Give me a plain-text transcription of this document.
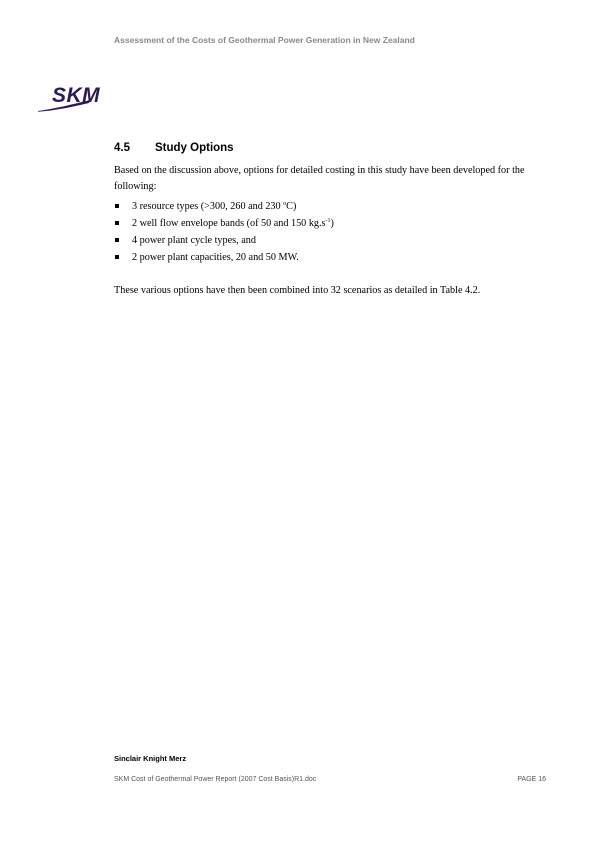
Assessment of the Costs of Geothermal Power Generation in New Zealand
SKM
4.5 Study Options
Based on the discussion above, options for detailed costing in this study have been developed for the following:
3 resource types (>300, 260 and 230 $^o$C)
2 well flow envelope bands (of 50 and 150 $kg.s^{-1}$)
4 power plant cycle types, and
2 power plant capacities, 20 and 50 MW.
These various options have then been combined into 32 scenarios as detailed in Table 4.2.
Sinclair Knight Merz
SKM Cost of Geothermal Power Report (2007 Cost Basis)R1.doc	PAGE 16
